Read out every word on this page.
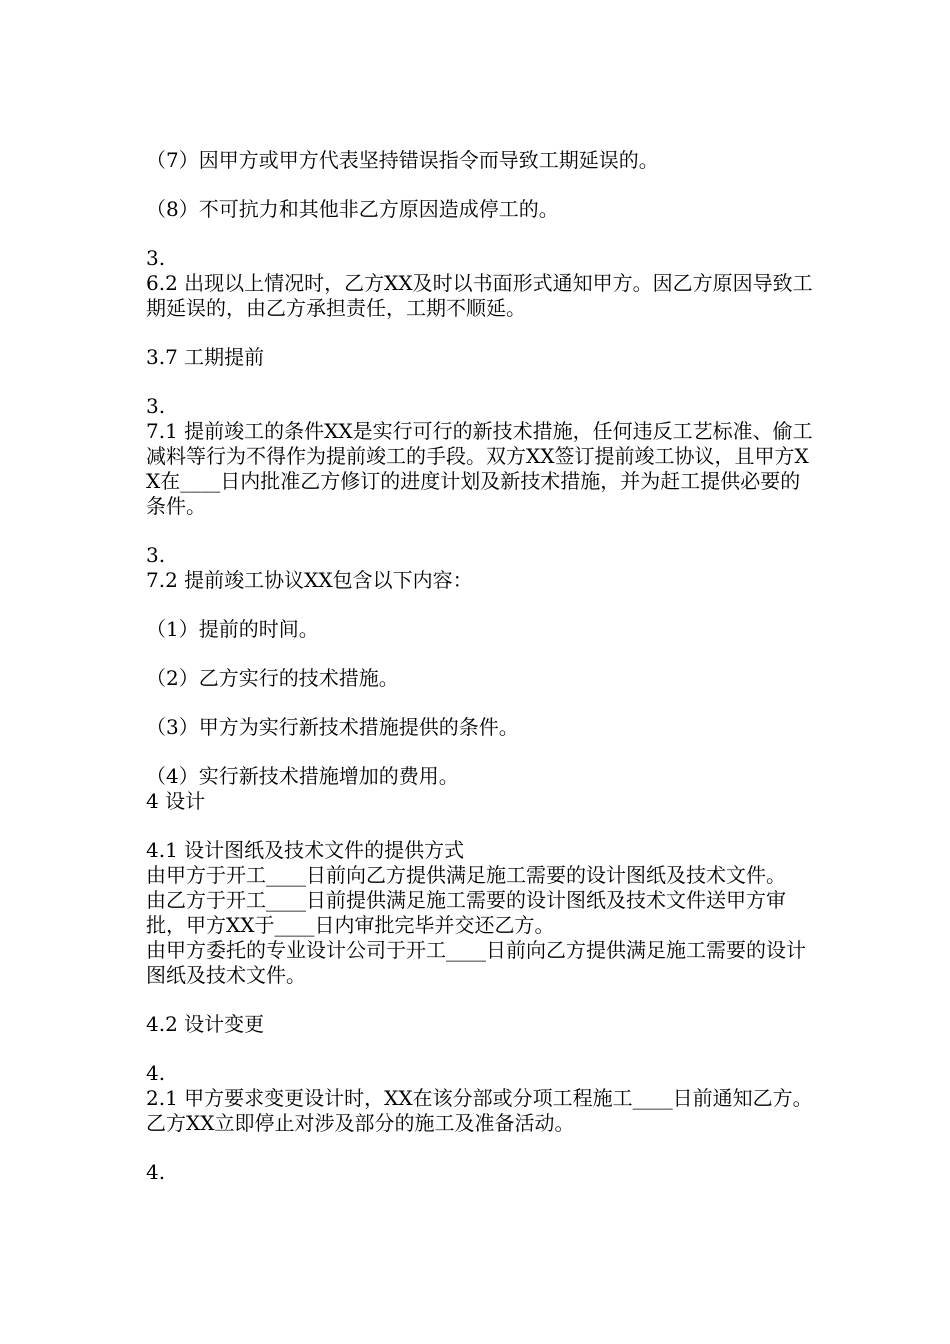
（7）因甲方或甲方代表坚持错误指令而导致工期延误的。

（8）不可抗力和其他非乙方原因造成停工的。

3.

6.2 出现以上情况时，乙方XX及时以书面形式通知甲方。因乙方原因导致工期延误的，由乙方承担责任，工期不顺延。

3.7 工期提前

3.

7.1 提前竣工的条件XX是实行可行的新技术措施，任何违反工艺标准、偷工减料等行为不得作为提前竣工的手段。双方XX签订提前竣工协议，且甲方XX在____日内批准乙方修订的进度计划及新技术措施，并为赶工提供必要的条件。

3.

7.2 提前竣工协议XX包含以下内容：

（1）提前的时间。

（2）乙方实行的技术措施。

（3）甲方为实行新技术措施提供的条件。

（4）实行新技术措施增加的费用。

4 设计

4.1 设计图纸及技术文件的提供方式

由甲方于开工____日前向乙方提供满足施工需要的设计图纸及技术文件。

由乙方于开工____日前提供满足施工需要的设计图纸及技术文件送甲方审批，甲方XX于____日内审批完毕并交还乙方。

由甲方委托的专业设计公司于开工____日前向乙方提供满足施工需要的设计图纸及技术文件。

4.2 设计变更

4.

2.1 甲方要求变更设计时，XX在该分部或分项工程施工____日前通知乙方。乙方XX立即停止对涉及部分的施工及准备活动。

4.
